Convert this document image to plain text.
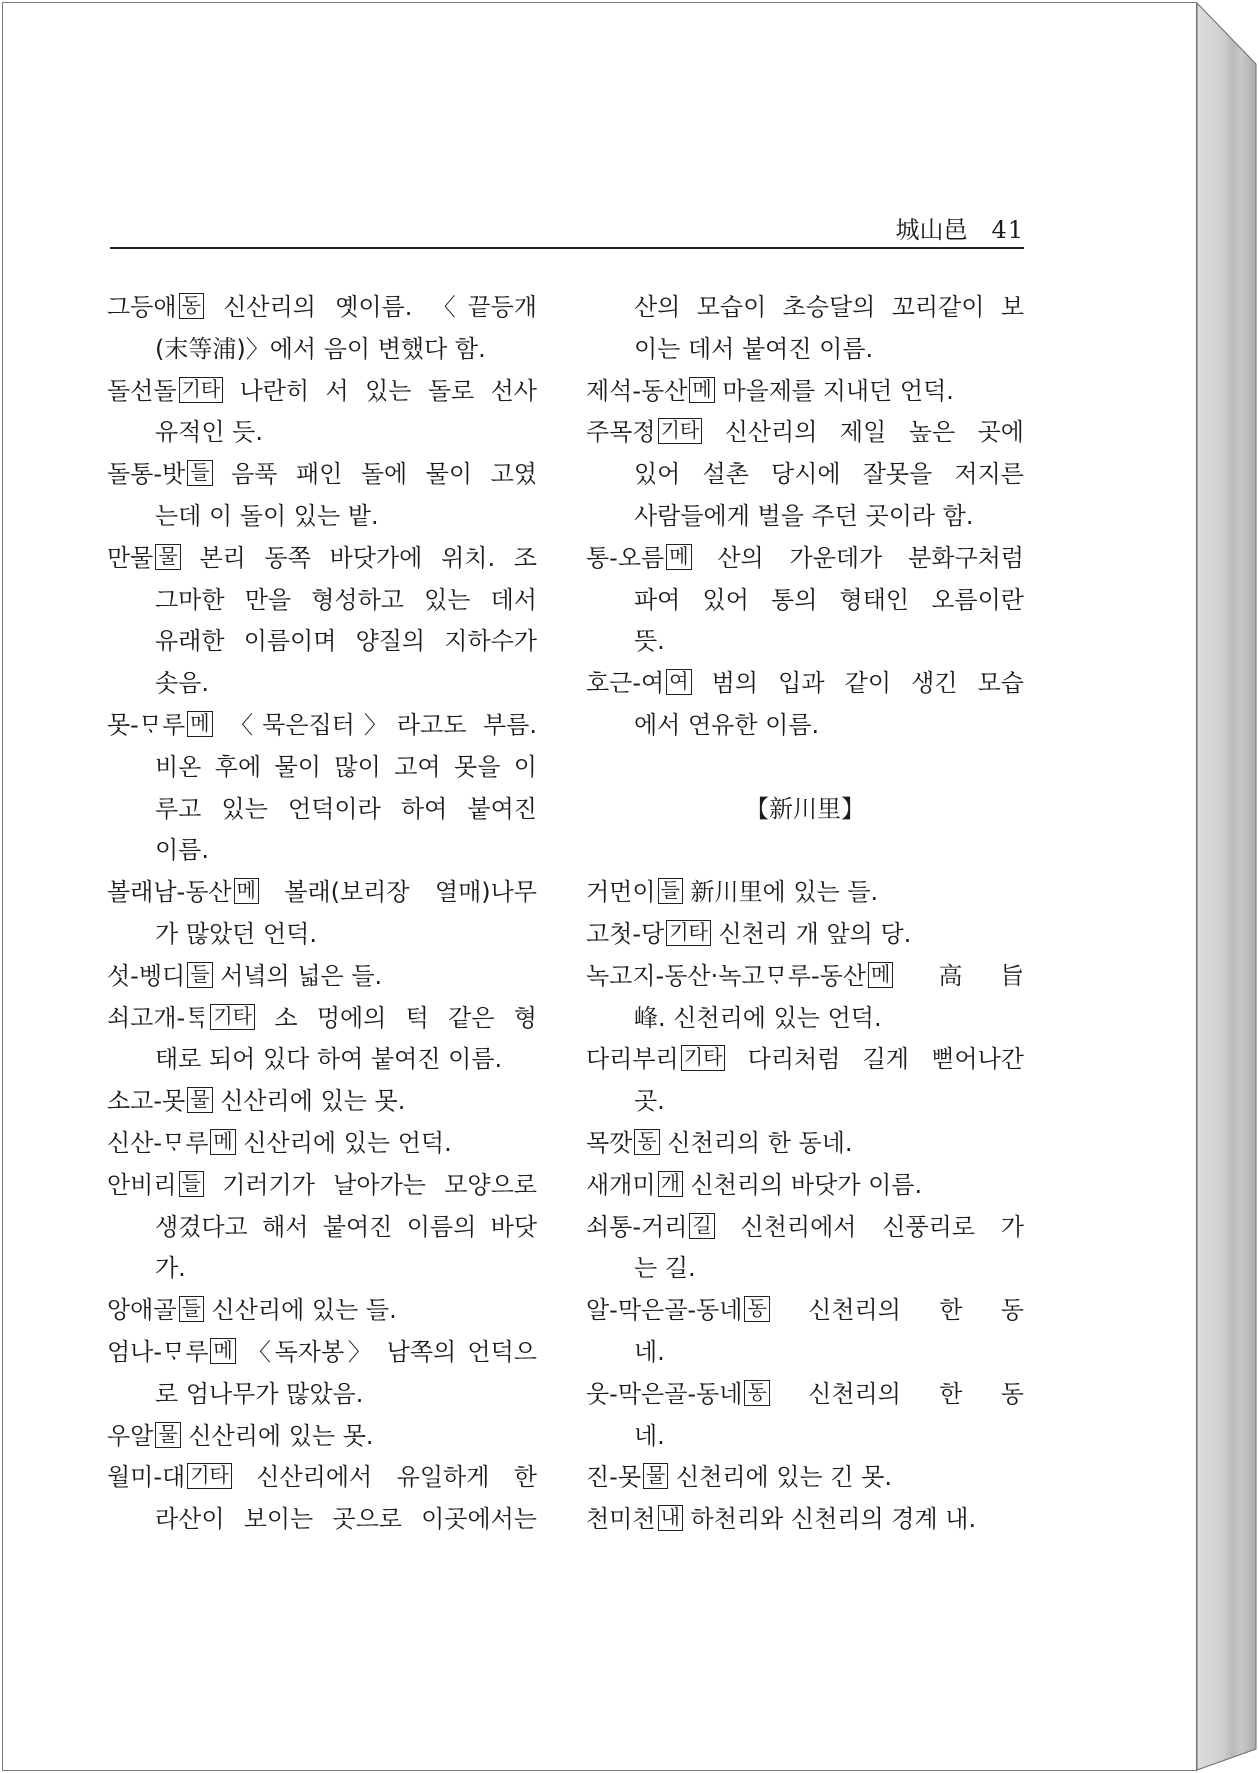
城山邑 41
그등애 동 신산리의 옛이름. 〈끝등개
(末等浦)〉에서 음이 변했다 함.
돌선돌 기타 나란히 서 있는 돌로 선사
유적인 듯.
돌통-밧 들 음푹 패인 돌에 물이 고였
는데 이 돌이 있는 밭.
만물 물 본리 동쪽 바닷가에 위치. 조
그마한 만을 형성하고 있는 데서
유래한 이름이며 양질의 지하수가
솟음.
못-ᄆᆞ루 메 〈묵은집터〉라고도 부름.
비온 후에 물이 많이 고여 못을 이
루고 있는 언덕이라 하여 붙여진
이름.
볼래남-동산 메 볼래(보리장 열매)나무
가 많았던 언덕.
섯-벵디 들 서녘의 넓은 들.
쇠고개-ᄐᆞᆨ 기타 소 멍에의 턱 같은 형
태로 되어 있다 하여 붙여진 이름.
소고-못 물 신산리에 있는 못.
신산-ᄆᆞ루 메 신산리에 있는 언덕.
안비리 들 기러기가 날아가는 모양으로
생겼다고 해서 붙여진 이름의 바닷
가.
앙애골 들 신산리에 있는 들.
엄나-ᄆᆞ루 메 〈독자봉〉 남쪽의 언덕으
로 엄나무가 많았음.
우알 물 신산리에 있는 못.
월미-대 기타 신산리에서 유일하게 한
라산이 보이는 곳으로 이곳에서는
산의 모습이 초승달의 꼬리같이 보
이는 데서 붙여진 이름.
제석-동산 메 마을제를 지내던 언덕.
주목정 기타 신산리의 제일 높은 곳에
있어 설촌 당시에 잘못을 저지른
사람들에게 벌을 주던 곳이라 함.
통-오름 메 산의 가운데가 분화구처럼
파여 있어 통의 형태인 오름이란
뜻.
호근-여 여 범의 입과 같이 생긴 모습
에서 연유한 이름.
【新川里】
거먼이 들 新川里에 있는 들.
고첫-당 기타 신천리 개 앞의 당.
녹고지-동산·녹고ᄆᆞ루-동산 메 高旨
峰. 신천리에 있는 언덕.
다리부리 기타 다리처럼 길게 뻗어나간
곳.
목깟 동 신천리의 한 동네.
새개미 개 신천리의 바닷가 이름.
쇠통-거리 길 신천리에서 신풍리로 가
는 길.
알-막은골-동네 동 신천리의 한 동
네.
웃-막은골-동네 동 신천리의 한 동
네.
진-못 물 신천리에 있는 긴 못.
천미천 내 하천리와 신천리의 경계 내.
